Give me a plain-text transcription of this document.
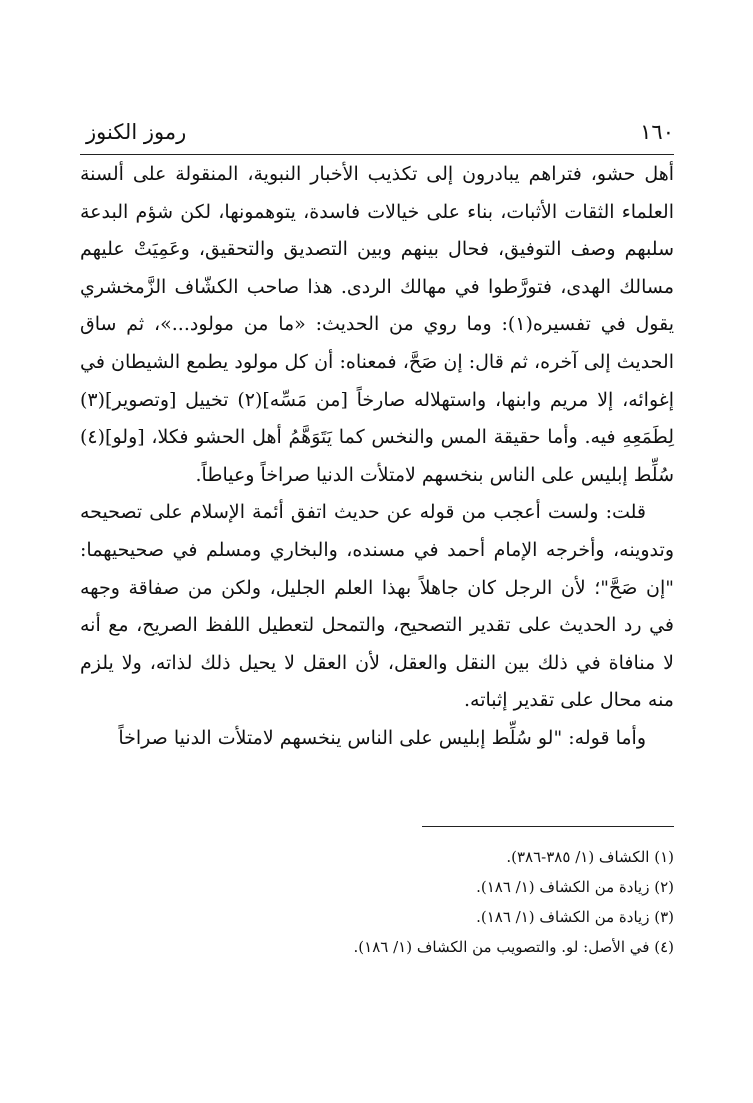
١٦٠
رموز الكنوز

أهل حشو، فتراهم يبادرون إلى تكذيب الأخبار النبوية، المنقولة على ألسنة العلماء الثقات الأثبات، بناء على خيالات فاسدة، يتوهمونها، لكن شؤم البدعة سلبهم وصف التوفيق، فحال بينهم وبين التصديق والتحقيق، وعَمِيَتْ عليهم مسالك الهدى، فتورَّطوا في مهالك الردى. هذا صاحب الكشّاف الزَّمخشري يقول في تفسيره(١): وما روي من الحديث: «ما من مولود...»، ثم ساق الحديث إلى آخره، ثم قال: إن صَحَّ، فمعناه: أن كل مولود يطمع الشيطان في إغوائه، إلا مريم وابنها، واستهلاله صارخاً [من مَسِّه](٢) تخييل [وتصوير](٣) لِطَمَعِهِ فيه. وأما حقيقة المس والنخس كما يَتَوَهَّمُ أهل الحشو فكلا، [ولو](٤) سُلِّط إبليس على الناس بنخسهم لامتلأت الدنيا صراخاً وعياطاً.

قلت: ولست أعجب من قوله عن حديث اتفق أئمة الإسلام على تصحيحه وتدوينه، وأخرجه الإمام أحمد في مسنده، والبخاري ومسلم في صحيحيهما: "إن صَحَّ"؛ لأن الرجل كان جاهلاً بهذا العلم الجليل، ولكن من صفاقة وجهه في رد الحديث على تقدير التصحيح، والتمحل لتعطيل اللفظ الصريح، مع أنه لا منافاة في ذلك بين النقل والعقل، لأن العقل لا يحيل ذلك لذاته، ولا يلزم منه محال على تقدير إثباته.

وأما قوله: "لو سُلِّط إبليس على الناس ينخسهم لامتلأت الدنيا صراخاً

(١) الكشاف (١/ ٣٨٥-٣٨٦).

(٢) زيادة من الكشاف (١/ ١٨٦).

(٣) زيادة من الكشاف (١/ ١٨٦).

(٤) في الأصل: لو. والتصويب من الكشاف (١/ ١٨٦).
